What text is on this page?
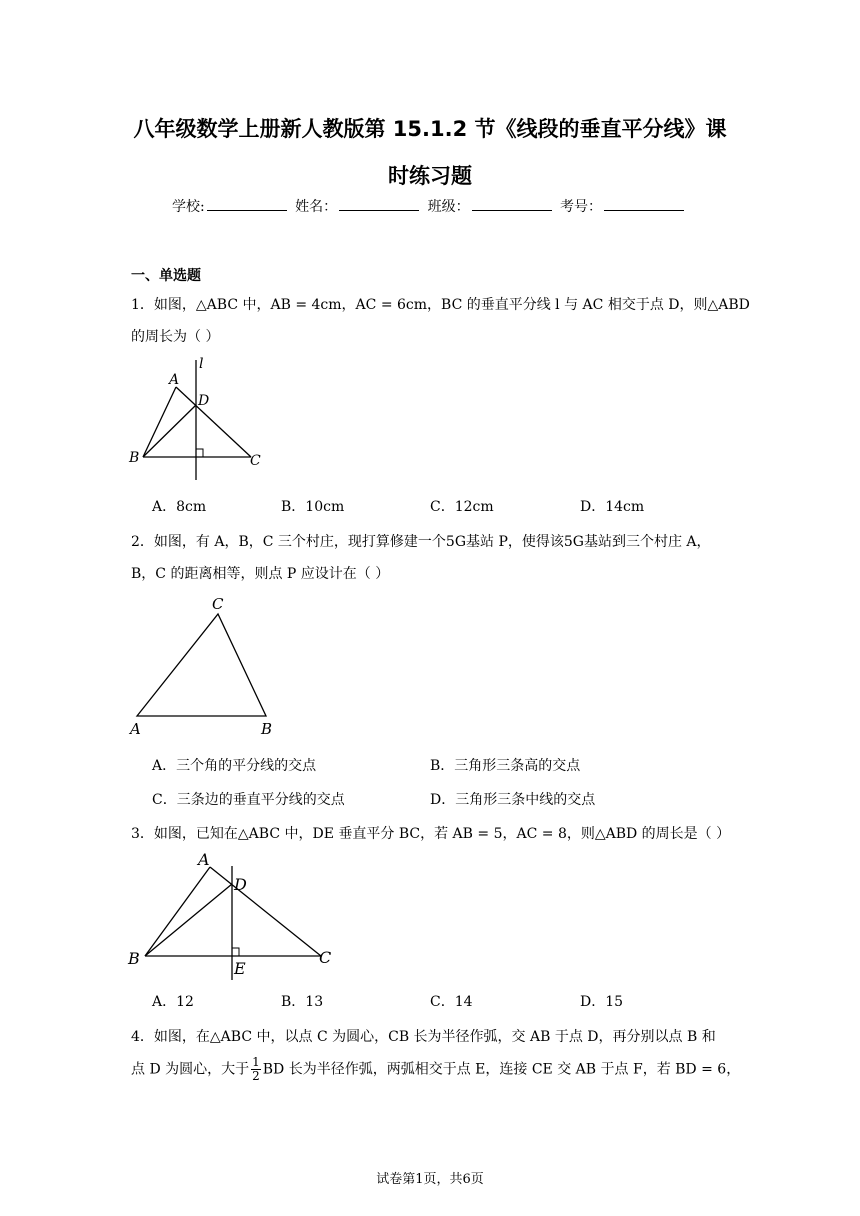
八年级数学上册新人教版第 15.1.2 节《线段的垂直平分线》课
时练习题
学校:	姓名：	班级：	考号：
一、单选题
1．如图，△ABC 中，AB = 4cm，AC = 6cm，BC 的垂直平分线 l 与 AC 相交于点 D，则△ABD
的周长为（ ）
A
D
l
B	C
A．8cm	B．10cm	C．12cm	D．14cm
2．如图，有 A，B，C 三个村庄，现打算修建一个5G基站 P，使得该5G基站到三个村庄 A，
B，C 的距离相等，则点 P 应设计在（ ）
C
A	B
A．三个角的平分线的交点	B．三角形三条高的交点
C．三条边的垂直平分线的交点	D．三角形三条中线的交点
3．如图，已知在△ABC 中，DE 垂直平分 BC，若 AB = 5，AC = 8，则△ABD 的周长是（ ）
A
D
B	C
E
A．12	B．13	C．14	D．15
4．如图，在△ABC 中，以点 C 为圆心，CB 长为半径作弧，交 AB 于点 D，再分别以点 B 和
点 D 为圆心，大于 $\frac{1}{2}$ BD 长为半径作弧，两弧相交于点 E，连接 CE 交 AB 于点 F，若 BD = 6，
试卷第1页，共6页
